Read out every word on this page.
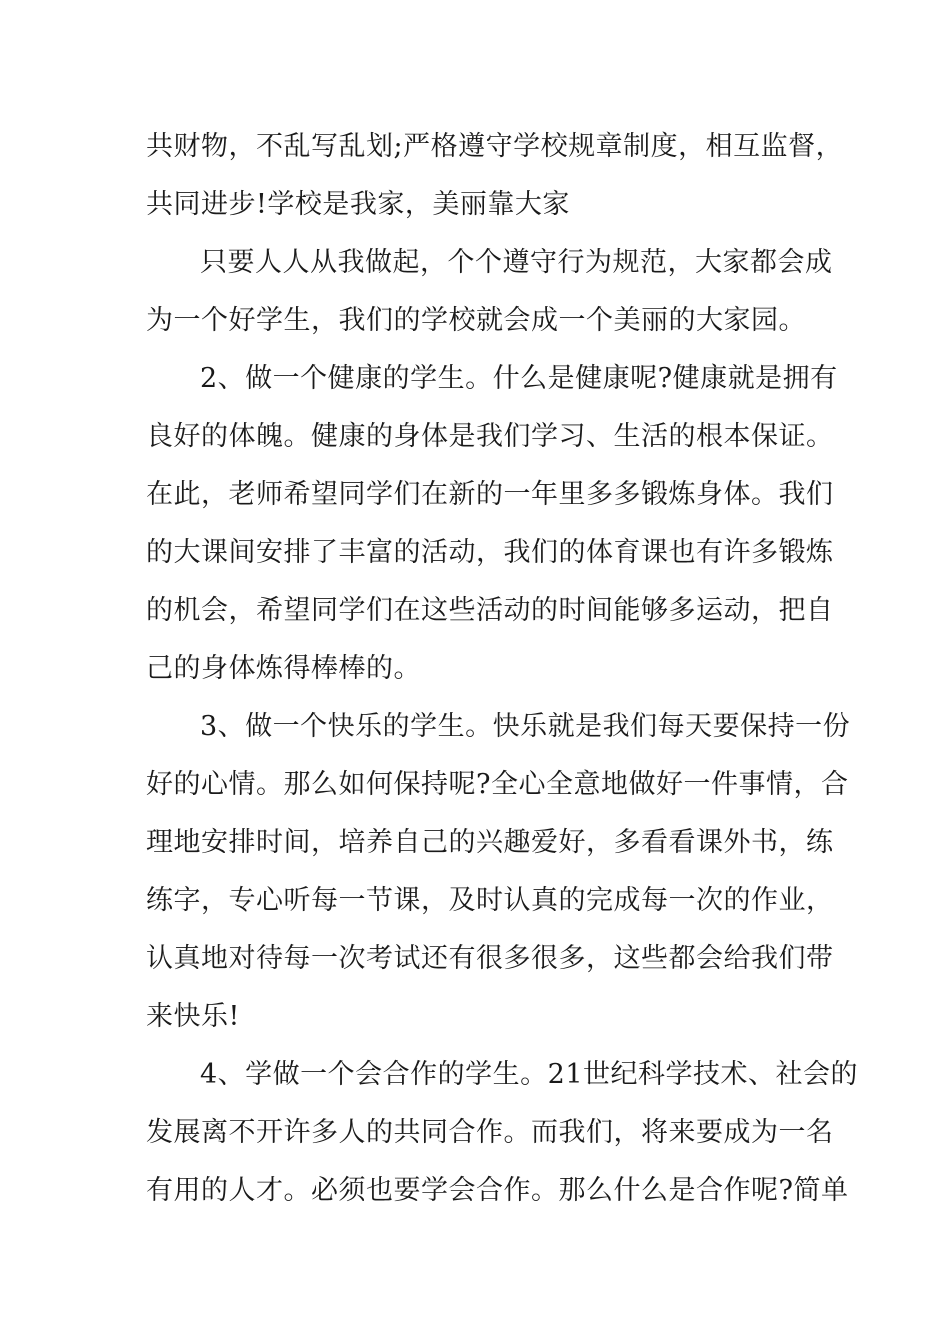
共财物，不乱写乱划;严格遵守学校规章制度，相互监督，
共同进步!学校是我家，美丽靠大家
只要人人从我做起，个个遵守行为规范，大家都会成
为一个好学生，我们的学校就会成一个美丽的大家园。
2、做一个健康的学生。什么是健康呢?健康就是拥有
良好的体魄。健康的身体是我们学习、生活的根本保证。
在此，老师希望同学们在新的一年里多多锻炼身体。我们
的大课间安排了丰富的活动，我们的体育课也有许多锻炼
的机会，希望同学们在这些活动的时间能够多运动，把自
己的身体炼得棒棒的。
3、做一个快乐的学生。快乐就是我们每天要保持一份
好的心情。那么如何保持呢?全心全意地做好一件事情，合
理地安排时间，培养自己的兴趣爱好，多看看课外书，练
练字，专心听每一节课，及时认真的完成每一次的作业，
认真地对待每一次考试还有很多很多，这些都会给我们带
来快乐!
4、学做一个会合作的学生。21世纪科学技术、社会的
发展离不开许多人的共同合作。而我们，将来要成为一名
有用的人才。必须也要学会合作。那么什么是合作呢?简单
